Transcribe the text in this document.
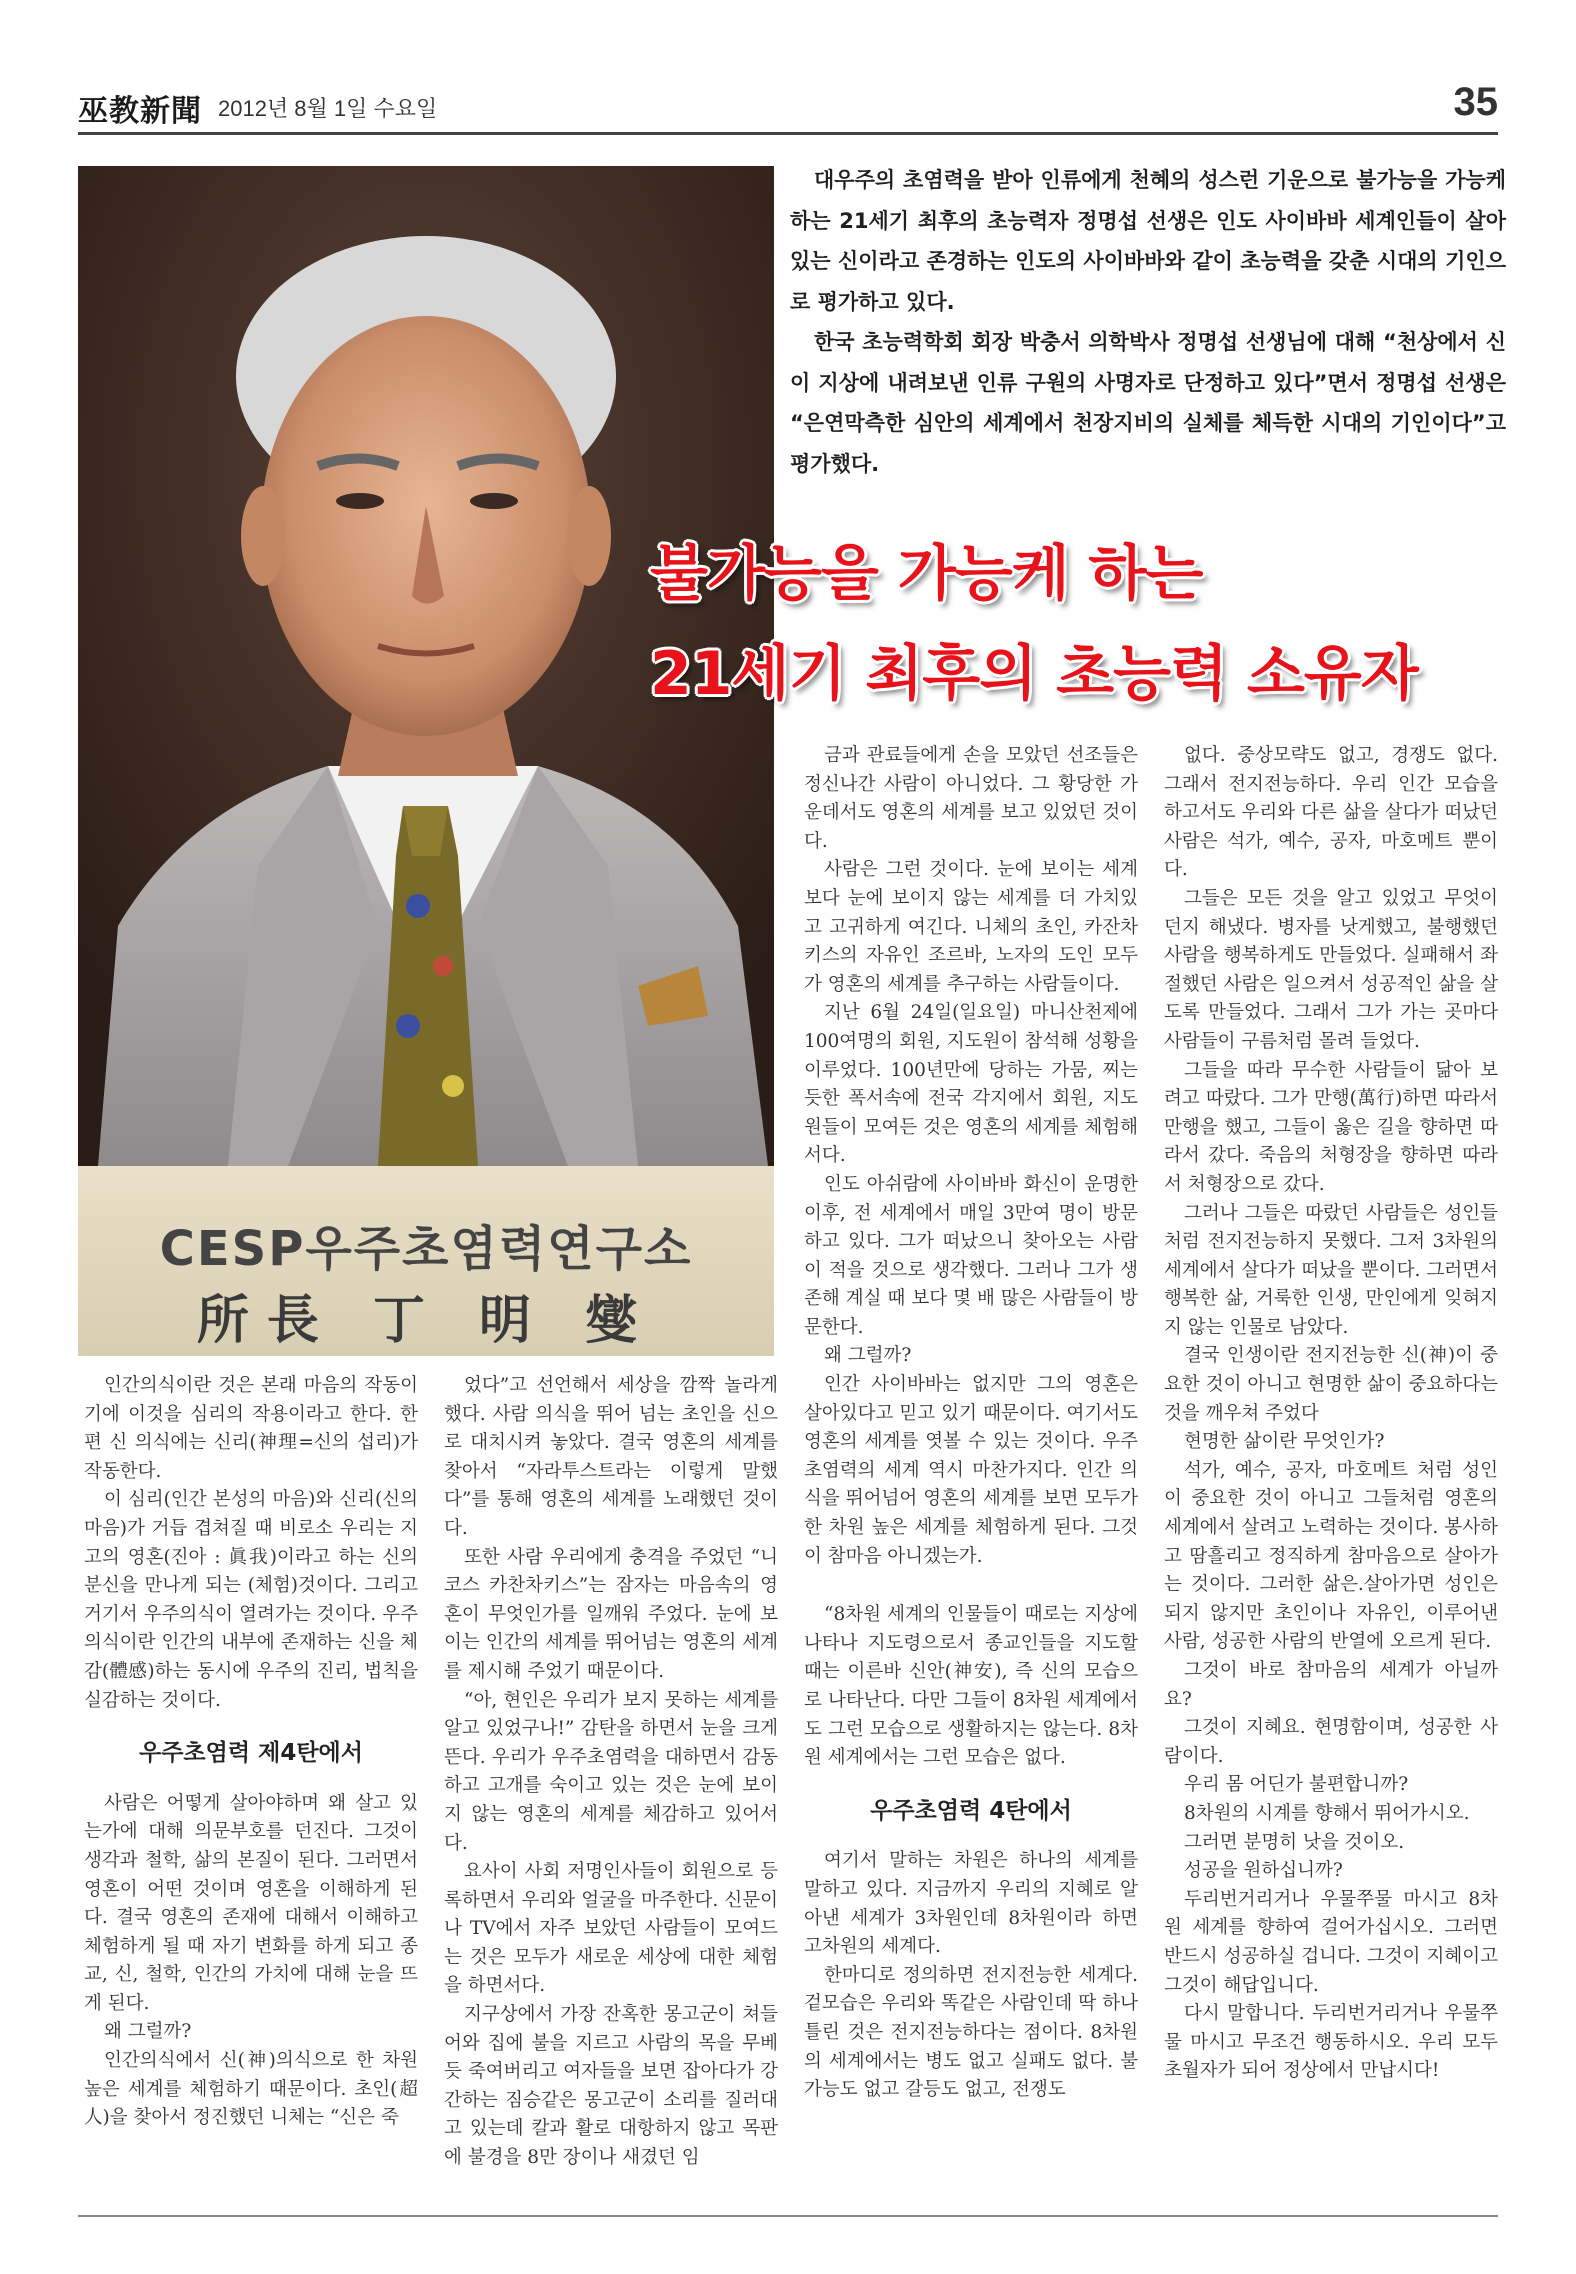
巫教新聞 2012년 8월 1일 수요일	35
CESP우주초염력연구소
所長 丁 明 燮

대우주의 초염력을 받아 인류에게 천혜의 성스런 기운으로 불가능을 가능케 하는 21세기 최후의 초능력자 정명섭 선생은 인도 사이바바 세계인들이 살아 있는 신이라고 존경하는 인도의 사이바바와 같이 초능력을 갖춘 시대의 기인으로 평가하고 있다.

한국 초능력학회 회장 박충서 의학박사 정명섭 선생님에 대해 “천상에서 신이 지상에 내려보낸 인류 구원의 사명자로 단정하고 있다”면서 정명섭 선생은 “은연막측한 심안의 세계에서 천장지비의 실체를 체득한 시대의 기인이다”고 평가했다.

불가능을 가능케 하는
21세기 최후의 초능력 소유자

인간의식이란 것은 본래 마음의 작동이기에 이것을 심리의 작용이라고 한다. 한편 신 의식에는 신리(神理=신의 섭리)가 작동한다.

이 심리(인간 본성의 마음)와 신리(신의 마음)가 거듭 겹쳐질 때 비로소 우리는 지고의 영혼(진아 : 眞我)이라고 하는 신의 분신을 만나게 되는 (체험)것이다. 그리고 거기서 우주의식이 열려가는 것이다. 우주의식이란 인간의 내부에 존재하는 신을 체감(體感)하는 동시에 우주의 진리, 법칙을 실감하는 것이다.

우주초염력 제4탄에서

사람은 어떻게 살아야하며 왜 살고 있는가에 대해 의문부호를 던진다. 그것이 생각과 철학, 삶의 본질이 된다. 그러면서 영혼이 어떤 것이며 영혼을 이해하게 된다. 결국 영혼의 존재에 대해서 이해하고 체험하게 될 때 자기 변화를 하게 되고 종교, 신, 철학, 인간의 가치에 대해 눈을 뜨게 된다.

왜 그럴까?

인간의식에서 신(神)의식으로 한 차원 높은 세계를 체험하기 때문이다. 초인(超人)을 찾아서 정진했던 니체는 “신은 죽

었다”고 선언해서 세상을 깜짝 놀라게 했다. 사람 의식을 뛰어 넘는 초인을 신으로 대치시켜 놓았다. 결국 영혼의 세계를 찾아서 “자라투스트라는 이렇게 말했다”를 통해 영혼의 세계를 노래했던 것이다.

또한 사람 우리에게 충격을 주었던 “니코스 카찬차키스”는 잠자는 마음속의 영혼이 무엇인가를 일깨워 주었다. 눈에 보이는 인간의 세계를 뛰어넘는 영혼의 세계를 제시해 주었기 때문이다.

“아, 현인은 우리가 보지 못하는 세계를 알고 있었구나!” 감탄을 하면서 눈을 크게 뜬다. 우리가 우주초염력을 대하면서 감동하고 고개를 숙이고 있는 것은 눈에 보이지 않는 영혼의 세계를 체감하고 있어서다.

요사이 사회 저명인사들이 회원으로 등록하면서 우리와 얼굴을 마주한다. 신문이나 TV에서 자주 보았던 사람들이 모여드는 것은 모두가 새로운 세상에 대한 체험을 하면서다.

지구상에서 가장 잔혹한 몽고군이 쳐들어와 집에 불을 지르고 사람의 목을 무베듯 죽여버리고 여자들을 보면 잡아다가 강간하는 짐승같은 몽고군이 소리를 질러대고 있는데 칼과 활로 대항하지 않고 목판에 불경을 8만 장이나 새겼던 임

금과 관료들에게 손을 모았던 선조들은 정신나간 사람이 아니었다. 그 황당한 가운데서도 영혼의 세계를 보고 있었던 것이다.

사람은 그런 것이다. 눈에 보이는 세계보다 눈에 보이지 않는 세계를 더 가치있고 고귀하게 여긴다. 니체의 초인, 카잔차키스의 자유인 조르바, 노자의 도인 모두가 영혼의 세계를 추구하는 사람들이다.

지난 6월 24일(일요일) 마니산천제에 100여명의 회원, 지도원이 참석해 성황을 이루었다. 100년만에 당하는 가뭄, 찌는 듯한 폭서속에 전국 각지에서 회원, 지도원들이 모여든 것은 영혼의 세계를 체험해서다.

인도 아쉬람에 사이바바 화신이 운명한 이후, 전 세계에서 매일 3만여 명이 방문하고 있다. 그가 떠났으니 찾아오는 사람이 적을 것으로 생각했다. 그러나 그가 생존해 계실 때 보다 몇 배 많은 사람들이 방문한다.

왜 그럴까?

인간 사이바바는 없지만 그의 영혼은 살아있다고 믿고 있기 때문이다. 여기서도 영혼의 세계를 엿볼 수 있는 것이다. 우주초염력의 세계 역시 마찬가지다. 인간 의식을 뛰어넘어 영혼의 세계를 보면 모두가 한 차원 높은 세계를 체험하게 된다. 그것이 참마음 아니겠는가.

“8차원 세계의 인물들이 때로는 지상에 나타나 지도령으로서 종교인들을 지도할 때는 이른바 신안(神安), 즉 신의 모습으로 나타난다. 다만 그들이 8차원 세계에서도 그런 모습으로 생활하지는 않는다. 8차원 세계에서는 그런 모습은 없다.

우주초염력 4탄에서

여기서 말하는 차원은 하나의 세계를 말하고 있다. 지금까지 우리의 지혜로 알아낸 세계가 3차원인데 8차원이라 하면 고차원의 세계다.

한마디로 정의하면 전지전능한 세계다. 겉모습은 우리와 똑같은 사람인데 딱 하나 틀린 것은 전지전능하다는 점이다. 8차원의 세계에서는 병도 없고 실패도 없다. 불가능도 없고 갈등도 없고, 전쟁도

없다. 중상모략도 없고, 경쟁도 없다. 그래서 전지전능하다. 우리 인간 모습을 하고서도 우리와 다른 삶을 살다가 떠났던 사람은 석가, 예수, 공자, 마호메트 뿐이다.

그들은 모든 것을 알고 있었고 무엇이던지 해냈다. 병자를 낫게했고, 불행했던 사람을 행복하게도 만들었다. 실패해서 좌절했던 사람은 일으켜서 성공적인 삶을 살도록 만들었다. 그래서 그가 가는 곳마다 사람들이 구름처럼 몰려 들었다.

그들을 따라 무수한 사람들이 닮아 보려고 따랐다. 그가 만행(萬行)하면 따라서 만행을 했고, 그들이 옳은 길을 향하면 따라서 갔다. 죽음의 처형장을 향하면 따라서 처형장으로 갔다.

그러나 그들은 따랐던 사람들은 성인들 처럼 전지전능하지 못했다. 그저 3차원의 세계에서 살다가 떠났을 뿐이다. 그러면서 행복한 삶, 거룩한 인생, 만인에게 잊혀지지 않는 인물로 남았다.

결국 인생이란 전지전능한 신(神)이 중요한 것이 아니고 현명한 삶이 중요하다는 것을 깨우쳐 주었다

현명한 삶이란 무엇인가?

석가, 예수, 공자, 마호메트 처럼 성인이 중요한 것이 아니고 그들처럼 영혼의 세계에서 살려고 노력하는 것이다. 봉사하고 땀흘리고 정직하게 참마음으로 살아가는 것이다. 그러한 삶은.살아가면 성인은 되지 않지만 초인이나 자유인, 이루어낸 사람, 성공한 사람의 반열에 오르게 된다.

그것이 바로 참마음의 세계가 아닐까요?

그것이 지혜요. 현명함이며, 성공한 사람이다.

우리 몸 어딘가 불편합니까?

8차원의 시계를 향해서 뛰어가시오.

그러면 분명히 낫을 것이오.

성공을 원하십니까?

두리번거리거나 우물쭈물 마시고 8차원 세계를 향하여 걸어가십시오. 그러면 반드시 성공하실 겁니다. 그것이 지혜이고 그것이 해답입니다.

다시 말합니다. 두리번거리거나 우물쭈물 마시고 무조건 행동하시오. 우리 모두 초월자가 되어 정상에서 만납시다!
